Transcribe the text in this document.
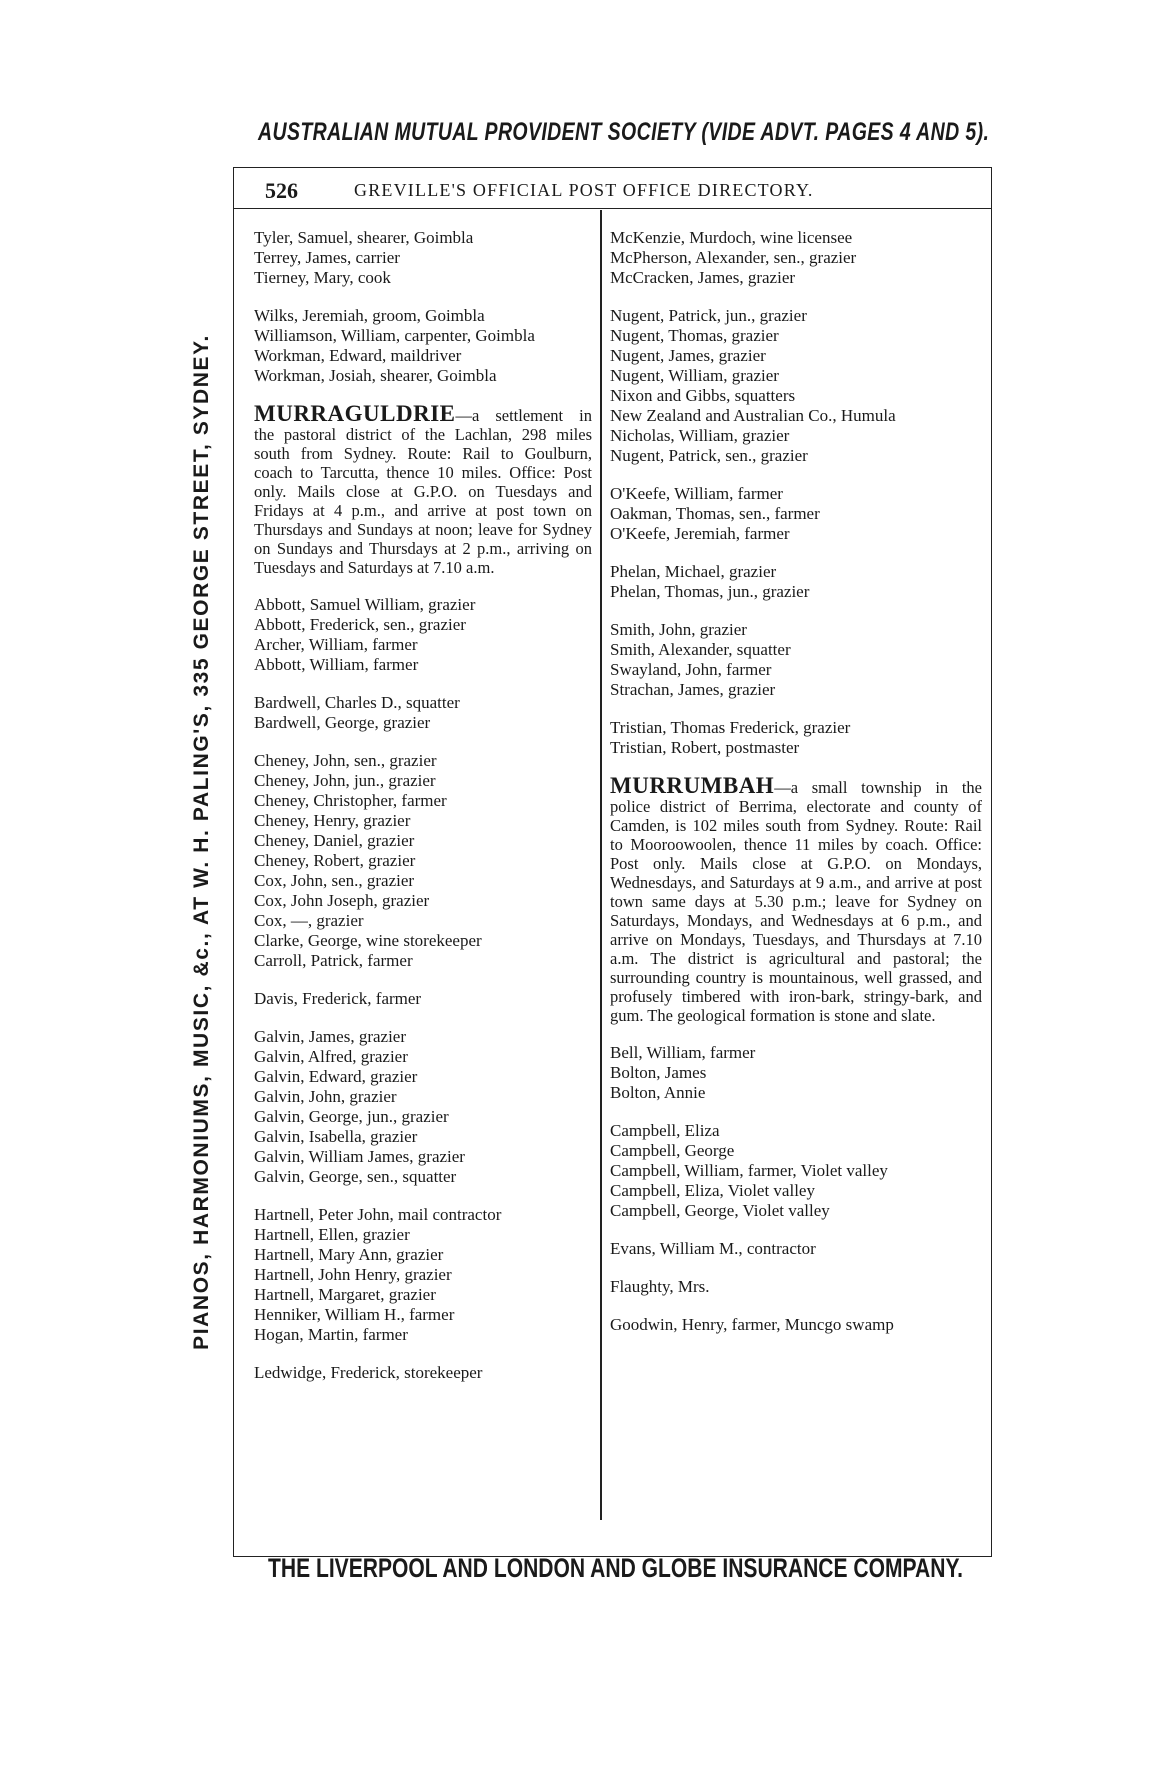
AUSTRALIAN MUTUAL PROVIDENT SOCIETY (VIDE ADVT. PAGES 4 AND 5).
PIANOS, HARMONIUMS, MUSIC, &c., AT W. H. PALING'S, 335 GEORGE STREET, SYDNEY.
526	GREVILLE'S OFFICIAL POST OFFICE DIRECTORY.
Tyler, Samuel, shearer, Goimbla
Terrey, James, carrier
Tierney, Mary, cook
Wilks, Jeremiah, groom, Goimbla
Williamson, William, carpenter, Goimbla
Workman, Edward, maildriver
Workman, Josiah, shearer, Goimbla
MURRAGULDRIE—a settlement in the pastoral district of the Lachlan, 298 miles south from Sydney. Route: Rail to Goulburn, coach to Tarcutta, thence 10 miles. Office: Post only. Mails close at G.P.O. on Tuesdays and Fridays at 4 p.m., and arrive at post town on Thursdays and Sundays at noon; leave for Sydney on Sundays and Thursdays at 2 p.m., arriving on Tuesdays and Saturdays at 7.10 a.m.
Abbott, Samuel William, grazier
Abbott, Frederick, sen., grazier
Archer, William, farmer
Abbott, William, farmer
Bardwell, Charles D., squatter
Bardwell, George, grazier
Cheney, John, sen., grazier
Cheney, John, jun., grazier
Cheney, Christopher, farmer
Cheney, Henry, grazier
Cheney, Daniel, grazier
Cheney, Robert, grazier
Cox, John, sen., grazier
Cox, John Joseph, grazier
Cox, —, grazier
Clarke, George, wine storekeeper
Carroll, Patrick, farmer
Davis, Frederick, farmer
Galvin, James, grazier
Galvin, Alfred, grazier
Galvin, Edward, grazier
Galvin, John, grazier
Galvin, George, jun., grazier
Galvin, Isabella, grazier
Galvin, William James, grazier
Galvin, George, sen., squatter
Hartnell, Peter John, mail contractor
Hartnell, Ellen, grazier
Hartnell, Mary Ann, grazier
Hartnell, John Henry, grazier
Hartnell, Margaret, grazier
Henniker, William H., farmer
Hogan, Martin, farmer
Ledwidge, Frederick, storekeeper
McKenzie, Murdoch, wine licensee
McPherson, Alexander, sen., grazier
McCracken, James, grazier
Nugent, Patrick, jun., grazier
Nugent, Thomas, grazier
Nugent, James, grazier
Nugent, William, grazier
Nixon and Gibbs, squatters
New Zealand and Australian Co., Humula
Nicholas, William, grazier
Nugent, Patrick, sen., grazier
O'Keefe, William, farmer
Oakman, Thomas, sen., farmer
O'Keefe, Jeremiah, farmer
Phelan, Michael, grazier
Phelan, Thomas, jun., grazier
Smith, John, grazier
Smith, Alexander, squatter
Swayland, John, farmer
Strachan, James, grazier
Tristian, Thomas Frederick, grazier
Tristian, Robert, postmaster
MURRUMBAH—a small township in the police district of Berrima, electorate and county of Camden, is 102 miles south from Sydney. Route: Rail to Mooroowoolen, thence 11 miles by coach. Office: Post only. Mails close at G.P.O. on Mondays, Wednesdays, and Saturdays at 9 a.m., and arrive at post town same days at 5.30 p.m.; leave for Sydney on Saturdays, Mondays, and Wednesdays at 6 p.m., and arrive on Mondays, Tuesdays, and Thursdays at 7.10 a.m. The district is agricultural and pastoral; the surrounding country is mountainous, well grassed, and profusely timbered with iron-bark, stringy-bark, and gum. The geological formation is stone and slate.
Bell, William, farmer
Bolton, James
Bolton, Annie
Campbell, Eliza
Campbell, George
Campbell, William, farmer, Violet valley
Campbell, Eliza, Violet valley
Campbell, George, Violet valley
Evans, William M., contractor
Flaughty, Mrs.
Goodwin, Henry, farmer, Muncgo swamp
THE LIVERPOOL AND LONDON AND GLOBE INSURANCE COMPANY.
